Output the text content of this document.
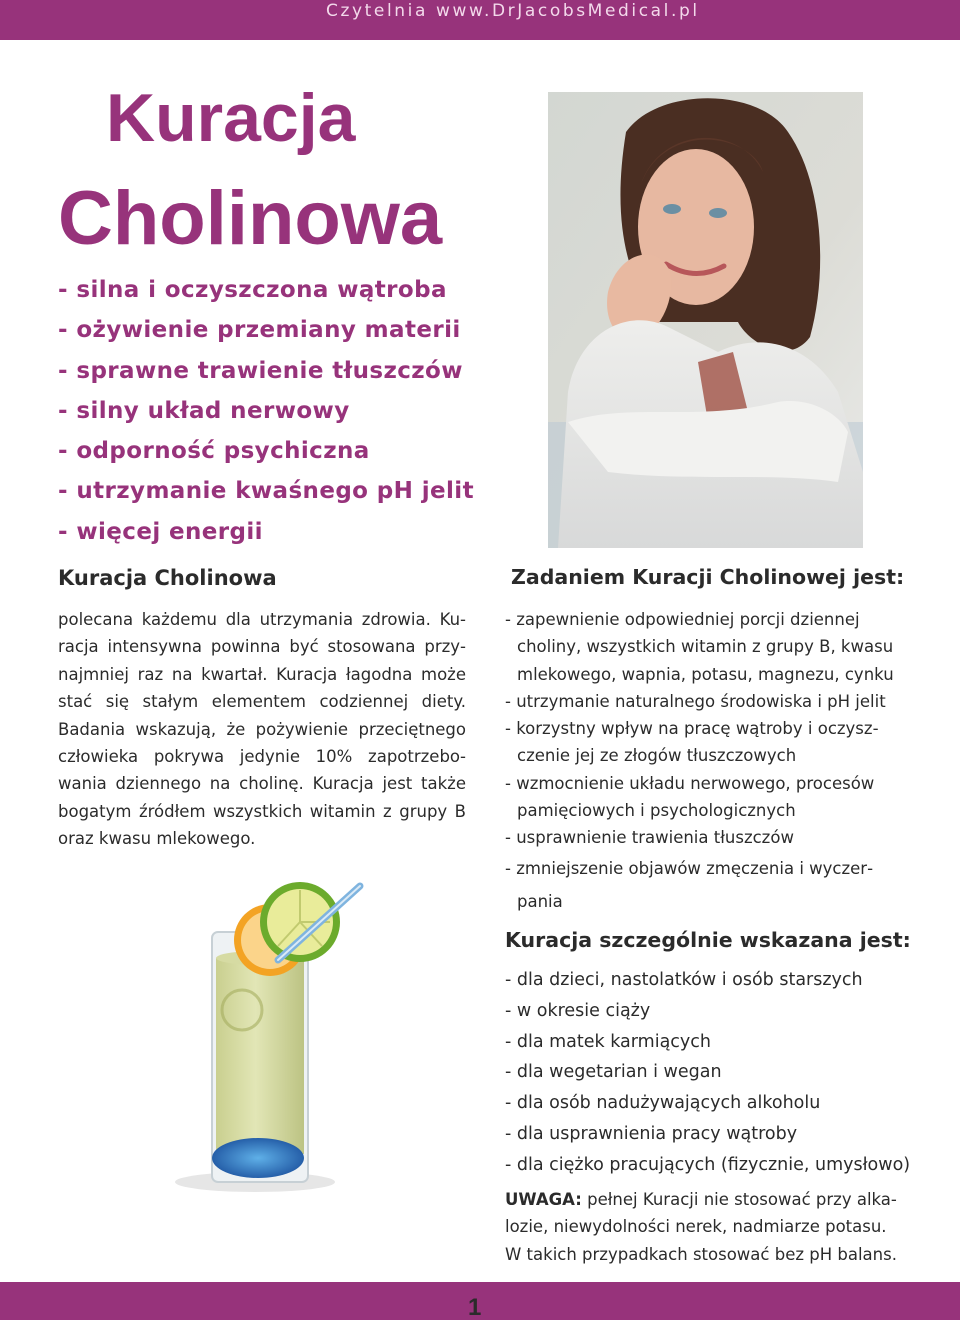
Czytelnia www.DrJacobsMedical.pl
Kuracja
Cholinowa
- silna i oczyszczona wątroba
- ożywienie przemiany materii
- sprawne trawienie tłuszczów
- silny układ nerwowy
- odporność psychiczna
- utrzymanie kwaśnego pH jelit
- więcej energii
Kuracja Cholinowa

polecana każdemu dla utrzymania zdrowia. Kuracja intensywna powinna być stosowana przynajmniej raz na kwartał. Kuracja łagodna może stać się stałym elementem codziennej diety. Badania wskazują, że pożywienie przeciętnego człowieka pokrywa jedynie 10% zapotrzebowania dziennego na cholinę. Kuracja jest także bogatym źródłem wszystkich witamin z grupy B oraz kwasu mlekowego.

Zadaniem Kuracji Cholinowej jest:
- zapewnienie odpowiedniej porcji dziennej choliny, wszystkich witamin z grupy B, kwasu mlekowego, wapnia, potasu, magnezu, cynku
- utrzymanie naturalnego środowiska i pH jelit
- korzystny wpływ na pracę wątroby i oczyszczenie jej ze złogów tłuszczowych
- wzmocnienie układu nerwowego, procesów pamięciowych i psychologicznych
- usprawnienie trawienia tłuszczów
- zmniejszenie objawów zmęczenia i wyczerpania
Kuracja szczególnie wskazana jest:
- dla dzieci, nastolatków i osób starszych
- w okresie ciąży
- dla matek karmiących
- dla wegetarian i wegan
- dla osób nadużywających alkoholu
- dla usprawnienia pracy wątroby
- dla ciężko pracujących (fizycznie, umysłowo)

UWAGA: pełnej Kuracji nie stosować przy alkalozie, niewydolności nerek, nadmiarze potasu. W takich przypadkach stosować bez pH balans.

1
